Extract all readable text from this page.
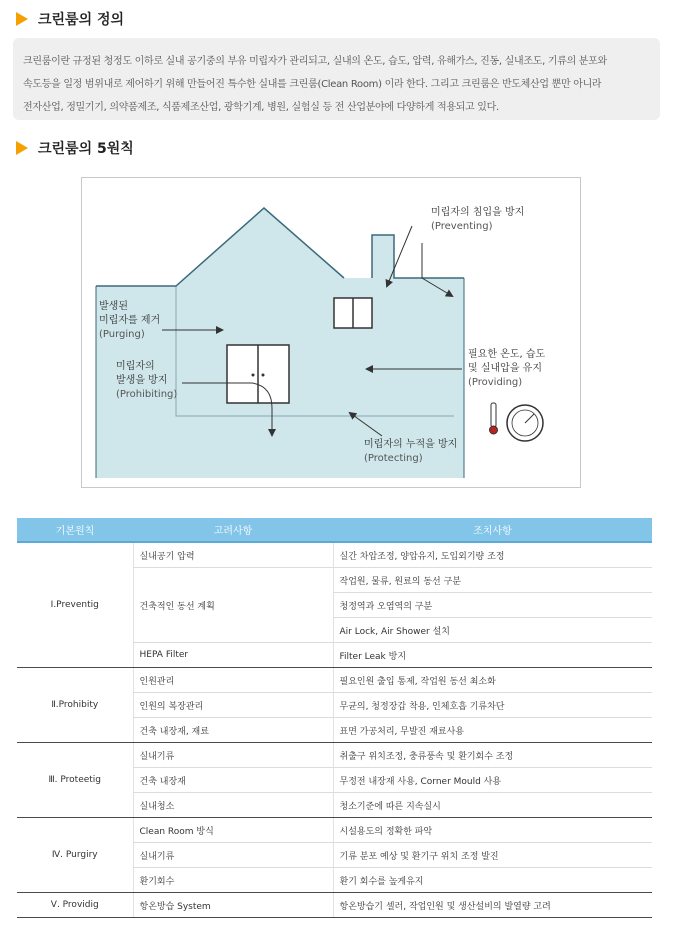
크린룸의 정의
크린룸이란 규정된 청정도 이하로 실내 공기중의 부유 미립자가 관리되고, 실내의 온도, 습도, 압력, 유해가스, 진동, 실내조도, 기류의 분포와
속도등을 일정 범위내로 제어하기 위해 만들어진 특수한 실내를 크린룸(Clean Room) 이라 한다. 그리고 크린룸은 반도체산업 뿐만 아니라
전자산업, 정밀기기, 의약품제조, 식품제조산업, 광학기계, 병원, 실험실 등 전 산업분야에 다양하게 적용되고 있다.
크린룸의 5원칙
미립자의 침입을 방지
(Preventing)
발생된
미립자를 제거
(Purging)
미립자의
발생을 방지
(Prohibiting)
필요한 온도, 습도
및 실내압을 유지
(Providing)
미립자의 누적을 방지
(Protecting)
기본원칙	고려사항	조치사항
Ⅰ.Preventig	실내공기 압력	실간 차압조정, 양압유지, 도입외기량 조정
	건축적인 동선 계획	작업원, 물류, 원료의 동선 구분
		청정역과 오염역의 구분
		Air Lock, Air Shower 설치
	HEPA Filter	Filter Leak 방지
Ⅱ.Prohibity	인원관리	필요인원 출입 통제, 작업원 동선 최소화
	인원의 복장관리	무균의, 청정장갑 착용, 인체호흡 기류차단
	건축 내장재, 재료	표면 가공처리, 무발진 재료사용
Ⅲ. Proteetig	실내기류	취출구 위치조정, 충류풍속 및 환기회수 조정
	건축 내장재	무정전 내장재 사용, Corner Mould 사용
	실내청소	청소기준에 따른 지속실시
Ⅳ. Purgiry	Clean Room 방식	시설용도의 정확한 파악
	실내기류	기류 분포 예상 및 환기구 위치 조정 발진
	환기회수	환기 회수를 높게유지
Ⅴ. Providig	항온방습 System	항온방습기 셀러, 작업인원 및 생산설비의 발열량 고려
